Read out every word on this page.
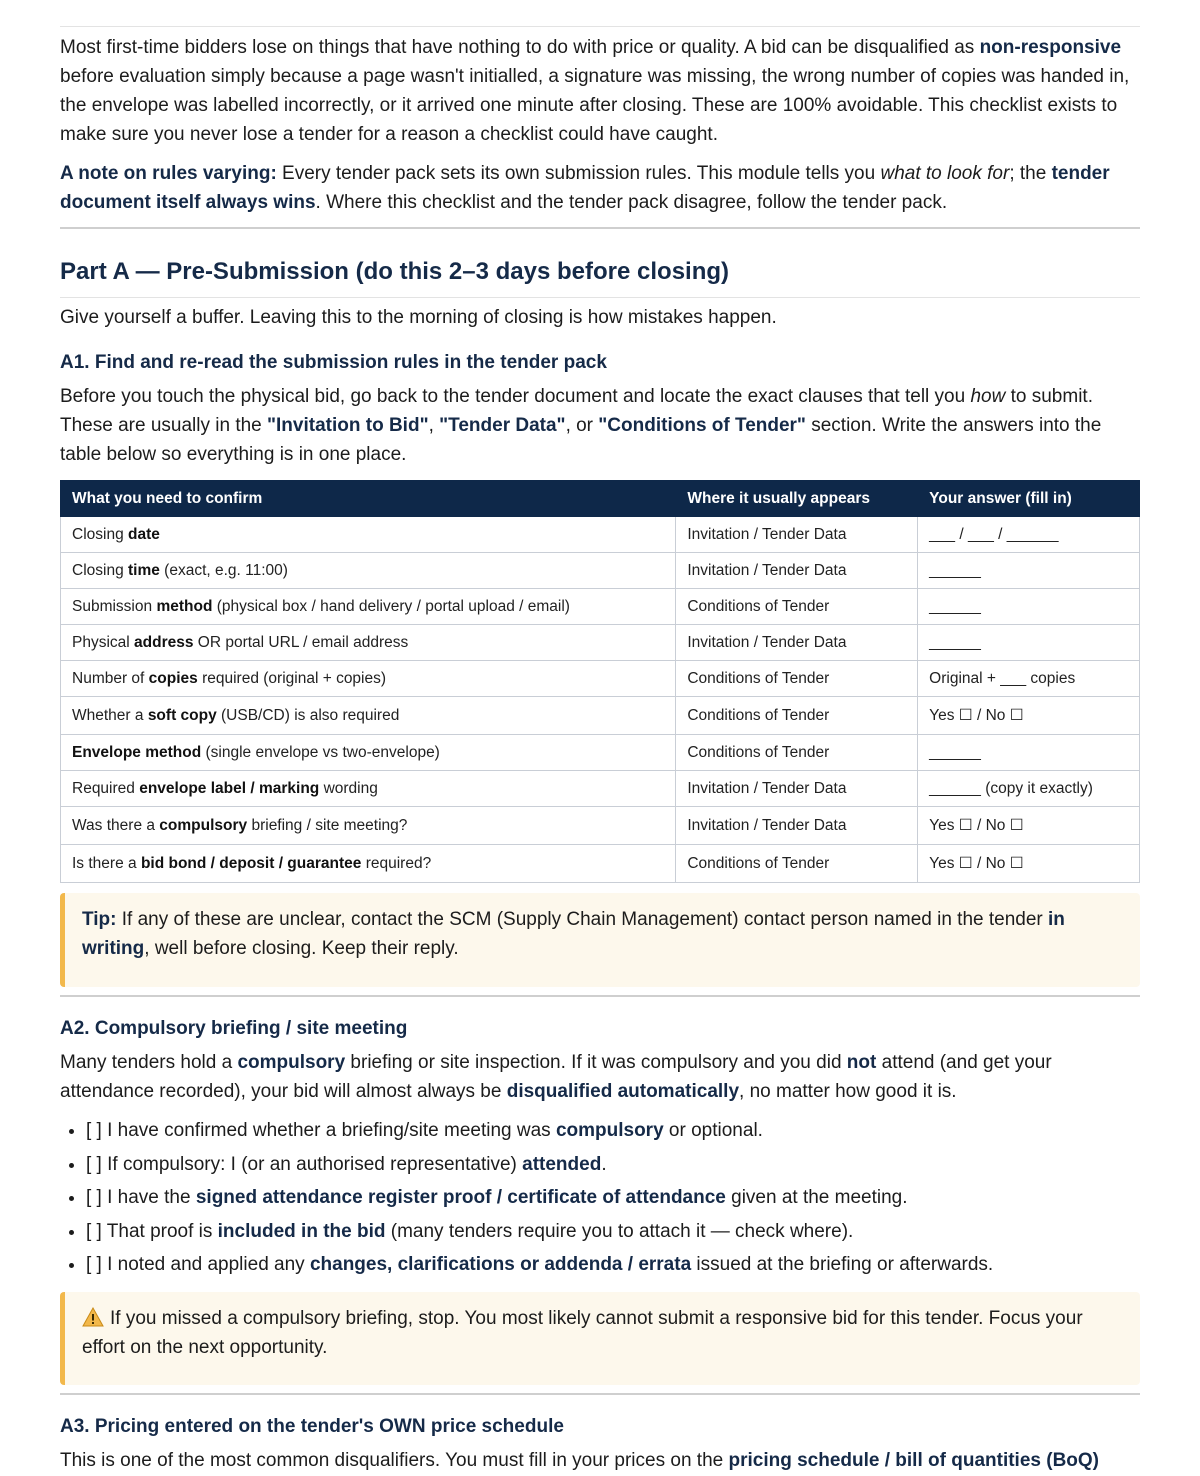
Most first-time bidders lose on things that have nothing to do with price or quality. A bid can be disqualified as non-responsive before evaluation simply because a page wasn't initialled, a signature was missing, the wrong number of copies was handed in, the envelope was labelled incorrectly, or it arrived one minute after closing. These are 100% avoidable. This checklist exists to make sure you never lose a tender for a reason a checklist could have caught.

A note on rules varying: Every tender pack sets its own submission rules. This module tells you what to look for; the tender document itself always wins. Where this checklist and the tender pack disagree, follow the tender pack.

Part A — Pre-Submission (do this 2–3 days before closing)

Give yourself a buffer. Leaving this to the morning of closing is how mistakes happen.

A1. Find and re-read the submission rules in the tender pack

Before you touch the physical bid, go back to the tender document and locate the exact clauses that tell you how to submit. These are usually in the "Invitation to Bid", "Tender Data", or "Conditions of Tender" section. Write the answers into the table below so everything is in one place.

What you need to confirm	Where it usually appears	Your answer (fill in)
Closing date	Invitation / Tender Data	___ / ___ / ______
Closing time (exact, e.g. 11:00)	Invitation / Tender Data	______
Submission method (physical box / hand delivery / portal upload / email)	Conditions of Tender	______
Physical address OR portal URL / email address	Invitation / Tender Data	______
Number of copies required (original + copies)	Conditions of Tender	Original + ___ copies
Whether a soft copy (USB/CD) is also required	Conditions of Tender	Yes ☐ / No ☐
Envelope method (single envelope vs two-envelope)	Conditions of Tender	______
Required envelope label / marking wording	Invitation / Tender Data	______ (copy it exactly)
Was there a compulsory briefing / site meeting?	Invitation / Tender Data	Yes ☐ / No ☐
Is there a bid bond / deposit / guarantee required?	Conditions of Tender	Yes ☐ / No ☐
Tip: If any of these are unclear, contact the SCM (Supply Chain Management) contact person named in the tender in writing, well before closing. Keep their reply.
A2. Compulsory briefing / site meeting

Many tenders hold a compulsory briefing or site inspection. If it was compulsory and you did not attend (and get your attendance recorded), your bid will almost always be disqualified automatically, no matter how good it is.

• [ ] I have confirmed whether a briefing/site meeting was compulsory or optional.
• [ ] If compulsory: I (or an authorised representative) attended.
• [ ] I have the signed attendance register proof / certificate of attendance given at the meeting.
• [ ] That proof is included in the bid (many tenders require you to attach it — check where).
• [ ] I noted and applied any changes, clarifications or addenda / errata issued at the briefing or afterwards.
If you missed a compulsory briefing, stop. You most likely cannot submit a responsive bid for this tender. Focus your effort on the next opportunity.
A3. Pricing entered on the tender's OWN price schedule

This is one of the most common disqualifiers. You must fill in your prices on the pricing schedule / bill of quantities (BoQ)
